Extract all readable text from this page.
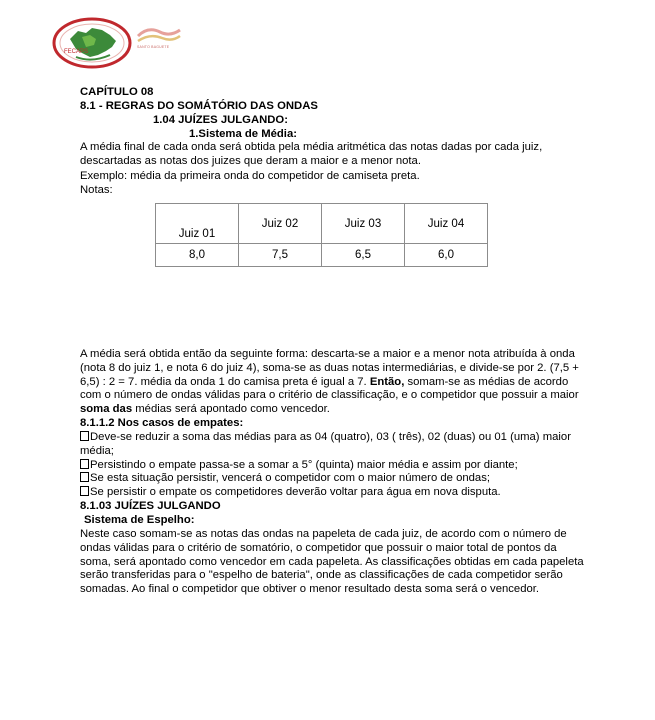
FECAPS
SANTO BAGUETE
CAPÍTULO 08
8.1 - REGRAS DO SOMÁTÓRIO DAS ONDAS
1.04 JUÍZES JULGANDO:
1.Sistema de Média:
A média final de cada onda será obtida pela média aritmética das notas dadas por cada juiz, descartadas as notas dos juizes que deram a maior e a menor nota.
Exemplo: média da primeira onda do competidor de camiseta preta.
Notas:
Juiz 01	Juiz 02	Juiz 03	Juiz 04
8,0	7,5	6,5	6,0
A média será obtida então da seguinte forma: descarta-se a maior e a menor nota atribuída à onda (nota 8 do juiz 1, e nota 6 do juiz 4), soma-se as duas notas intermediárias, e divide-se por 2. (7,5 + 6,5) : 2 = 7. média da onda 1 do camisa preta é igual a 7. Então, somam-se as médias de acordo com o número de ondas válidas para o critério de classificação, e o competidor que possuir a maior soma das médias será apontado como vencedor.
8.1.1.2 Nos casos de empates:
Deve-se reduzir a soma das médias para as 04 (quatro), 03 ( três), 02 (duas) ou 01 (uma) maior média;
Persistindo o empate passa-se a somar a 5° (quinta) maior média e assim por diante;
Se esta situação persistir, vencerá o competidor com o maior número de ondas;
Se persistir o empate os competidores deverão voltar para água em nova disputa.
8.1.03 JUÍZES JULGANDO
Sistema de Espelho:
Neste caso somam-se as notas das ondas na papeleta de cada juiz, de acordo com o número de ondas válidas para o critério de somatório, o competidor que possuir o maior total de pontos da soma, será apontado como vencedor em cada papeleta. As classificações obtidas em cada papeleta serão transferidas para o "espelho de bateria", onde as classificações de cada competidor serão somadas. Ao final o competidor que obtiver o menor resultado desta soma será o vencedor.
